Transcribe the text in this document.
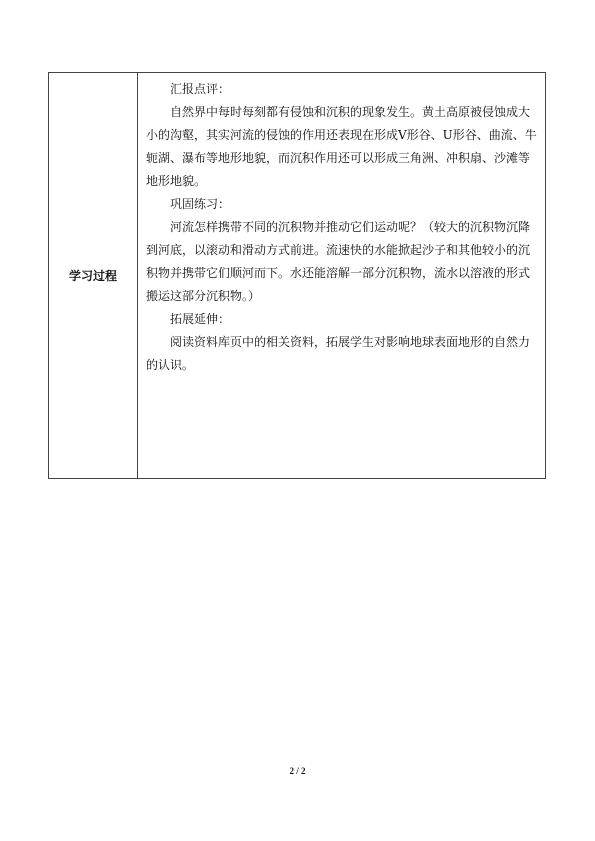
学习过程

汇报点评：

自然界中每时每刻都有侵蚀和沉积的现象发生。黄土高原被侵蚀成大小的沟壑，其实河流的侵蚀的作用还表现在形成V形谷、U形谷、曲流、牛轭湖、瀑布等地形地貌，而沉积作用还可以形成三角洲、冲积扇、沙滩等地形地貌。

巩固练习：

河流怎样携带不同的沉积物并推动它们运动呢？（较大的沉积物沉降到河底，以滚动和滑动方式前进。流速快的水能掀起沙子和其他较小的沉积物并携带它们顺河而下。水还能溶解一部分沉积物，流水以溶液的形式搬运这部分沉积物。）

拓展延伸：

阅读资料库页中的相关资料，拓展学生对影响地球表面地形的自然力的认识。

2 / 2
